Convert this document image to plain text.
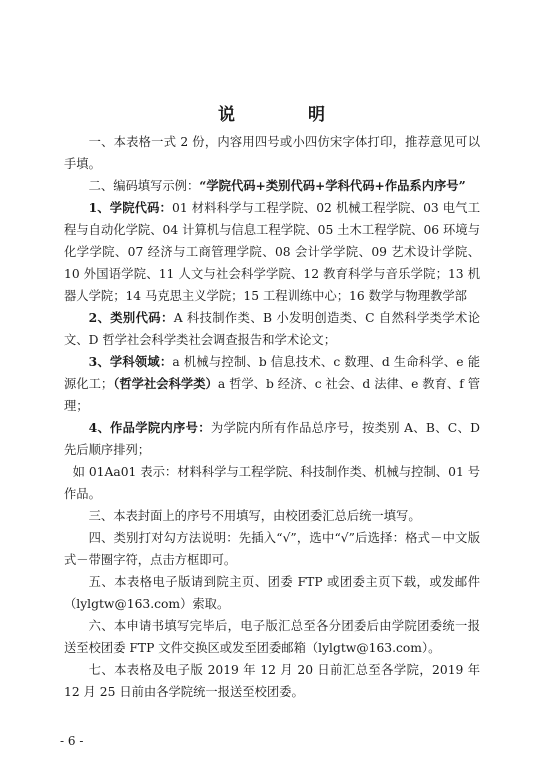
说　明

一、本表格一式 2 份，内容用四号或小四仿宋字体打印，推荐意见可以手填。

二、编码填写示例：“学院代码+类别代码+学科代码+作品系内序号”

1、学院代码：01 材料科学与工程学院、02 机械工程学院、03 电气工程与自动化学院、04 计算机与信息工程学院、05 土木工程学院、06 环境与化学学院、07 经济与工商管理学院、08 会计学学院、09 艺术设计学院、10 外国语学院、11 人文与社会科学学院、12 教育科学与音乐学院；13 机器人学院；14 马克思主义学院；15 工程训练中心；16 数学与物理教学部

2、类别代码：A 科技制作类、B 小发明创造类、C 自然科学类学术论文、D 哲学社会科学类社会调查报告和学术论文；

3、学科领域：a 机械与控制、b 信息技术、c 数理、d 生命科学、e 能源化工；（哲学社会科学类）a 哲学、b 经济、c 社会、d 法律、e 教育、f 管理；

4、作品学院内序号：为学院内所有作品总序号，按类别 A、B、C、D 先后顺序排列；

如 01Aa01 表示：材料科学与工程学院、科技制作类、机械与控制、01 号作品。

三、本表封面上的序号不用填写，由校团委汇总后统一填写。

四、类别打对勾方法说明：先插入“√”，选中“√”后选择：格式－中文版式－带圈字符，点击方框即可。

五、本表格电子版请到院主页、团委 FTP 或团委主页下载，或发邮件（lylgtw@163.com）索取。

六、本申请书填写完毕后，电子版汇总至各分团委后由学院团委统一报送至校团委 FTP 文件交换区或发至团委邮箱（lylgtw@163.com）。

七、本表格及电子版 2019 年 12 月 20 日前汇总至各学院，2019 年 12 月 25 日前由各学院统一报送至校团委。

- 6 -
